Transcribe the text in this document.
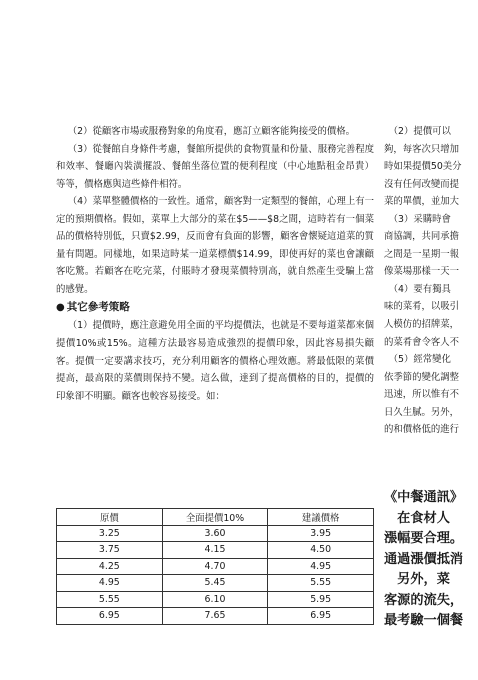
（2）從顧客市場或服務對象的角度看，應訂立顧客能夠接受的價格。

（3）從餐館自身條件考慮，餐館所提供的食物質量和份量、服務完善程度和效率、餐廳內裝潢擺設、餐館坐落位置的便利程度（中心地點租金昂貴）等等，價格應與這些條件相符。

（4）菜單整體價格的一致性。通常，顧客對一定類型的餐館，心理上有一定的預期價格。假如，菜單上大部分的菜在$5——$8之間，這時若有一個菜品的價格特別低，只賣$2.99，反而會有負面的影響，顧客會懷疑這道菜的質量有問題。同樣地，如果這時某一道菜標價$14.99，即使再好的菜也會讓顧客吃驚。若顧客在吃完菜，付賬時才發現菜價特別高，就自然產生受騙上當的感覺。

● 其它參考策略

（1）提價時，應注意避免用全面的平均提價法，也就是不要每道菜都來個提價10%或15%。這種方法最容易造成強烈的提價印象，因此容易損失顧客。提價一定要講求技巧，充分利用顧客的價格心理效應。將最低限的菜價提高，最高限的菜價則保持不變。這么做，達到了提高價格的目的，提價的印象卻不明顯。顧客也較容易接受。如：

原價	全面提價10%	建議價格
3.25	3.60	3.95
3.75	4.15	4.50
4.25	4.70	4.95
4.95	5.45	5.55
5.55	6.10	5.95
6.95	7.65	6.95
　（2）提價可以
夠，每客次只增加
時如果提價50美分
沒有任何改變而提
菜的單價，並加大
　（3）采購時會
商協調，共同承擔
之間是一星期一報
像菜場那樣一天一
　（4）要有獨具
味的菜肴，以吸引
人模仿的招牌菜，
的菜肴會令客人不
　（5）經常變化
依季節的變化調整
迅速，所以惟有不
日久生膩。另外，
的和價格低的進行
《中餐通訊》
　在食材人
漲幅要合理。
通過漲價抵消
　另外，菜
客源的流失，
最考驗一個餐
